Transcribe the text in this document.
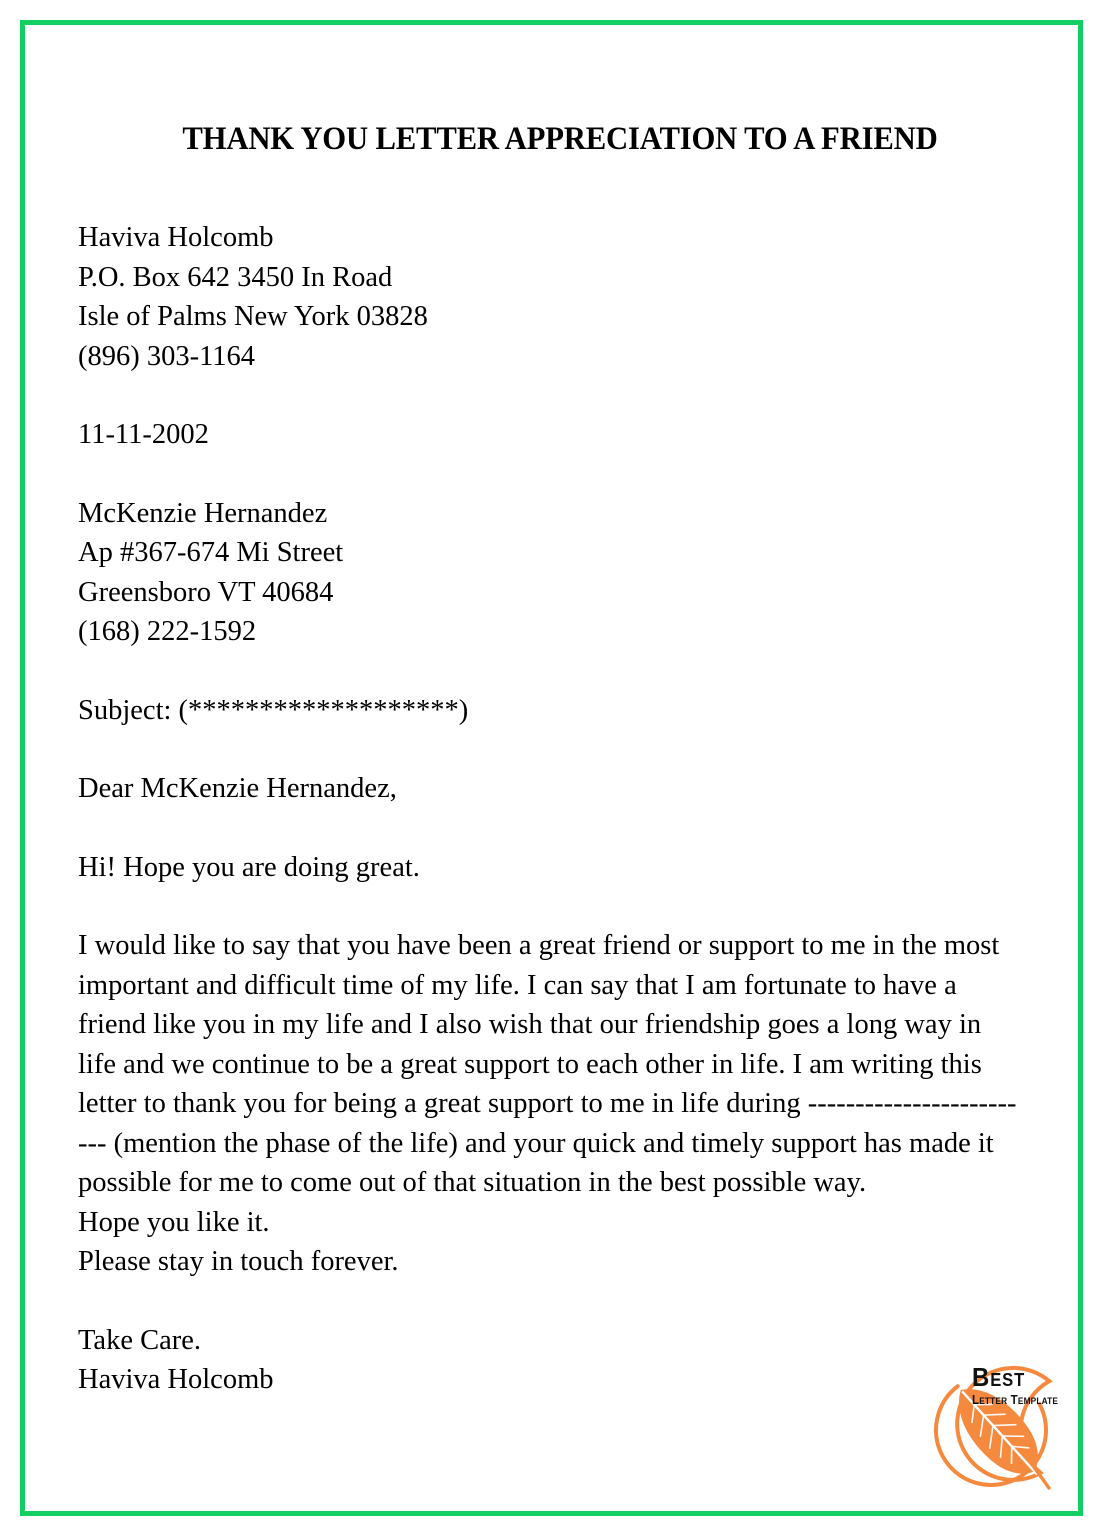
THANK YOU LETTER APPRECIATION TO A FRIEND
Haviva Holcomb
P.O. Box 642 3450 In Road
Isle of Palms New York 03828
(896) 303-1164
11-11-2002
McKenzie Hernandez
Ap #367-674 Mi Street
Greensboro VT 40684
(168) 222-1592
Subject: (*******************)
Dear McKenzie Hernandez,
Hi! Hope you are doing great.
I would like to say that you have been a great friend or support to me in the most important and difficult time of my life. I can say that I am fortunate to have a friend like you in my life and I also wish that our friendship goes a long way in life and we continue to be a great support to each other in life. I am writing this letter to thank you for being a great support to me in life during ------------------------- (mention the phase of the life) and your quick and timely support has made it possible for me to come out of that situation in the best possible way.
Hope you like it.
Please stay in touch forever.
Take Care.
Haviva Holcomb	Best
Letter Template
